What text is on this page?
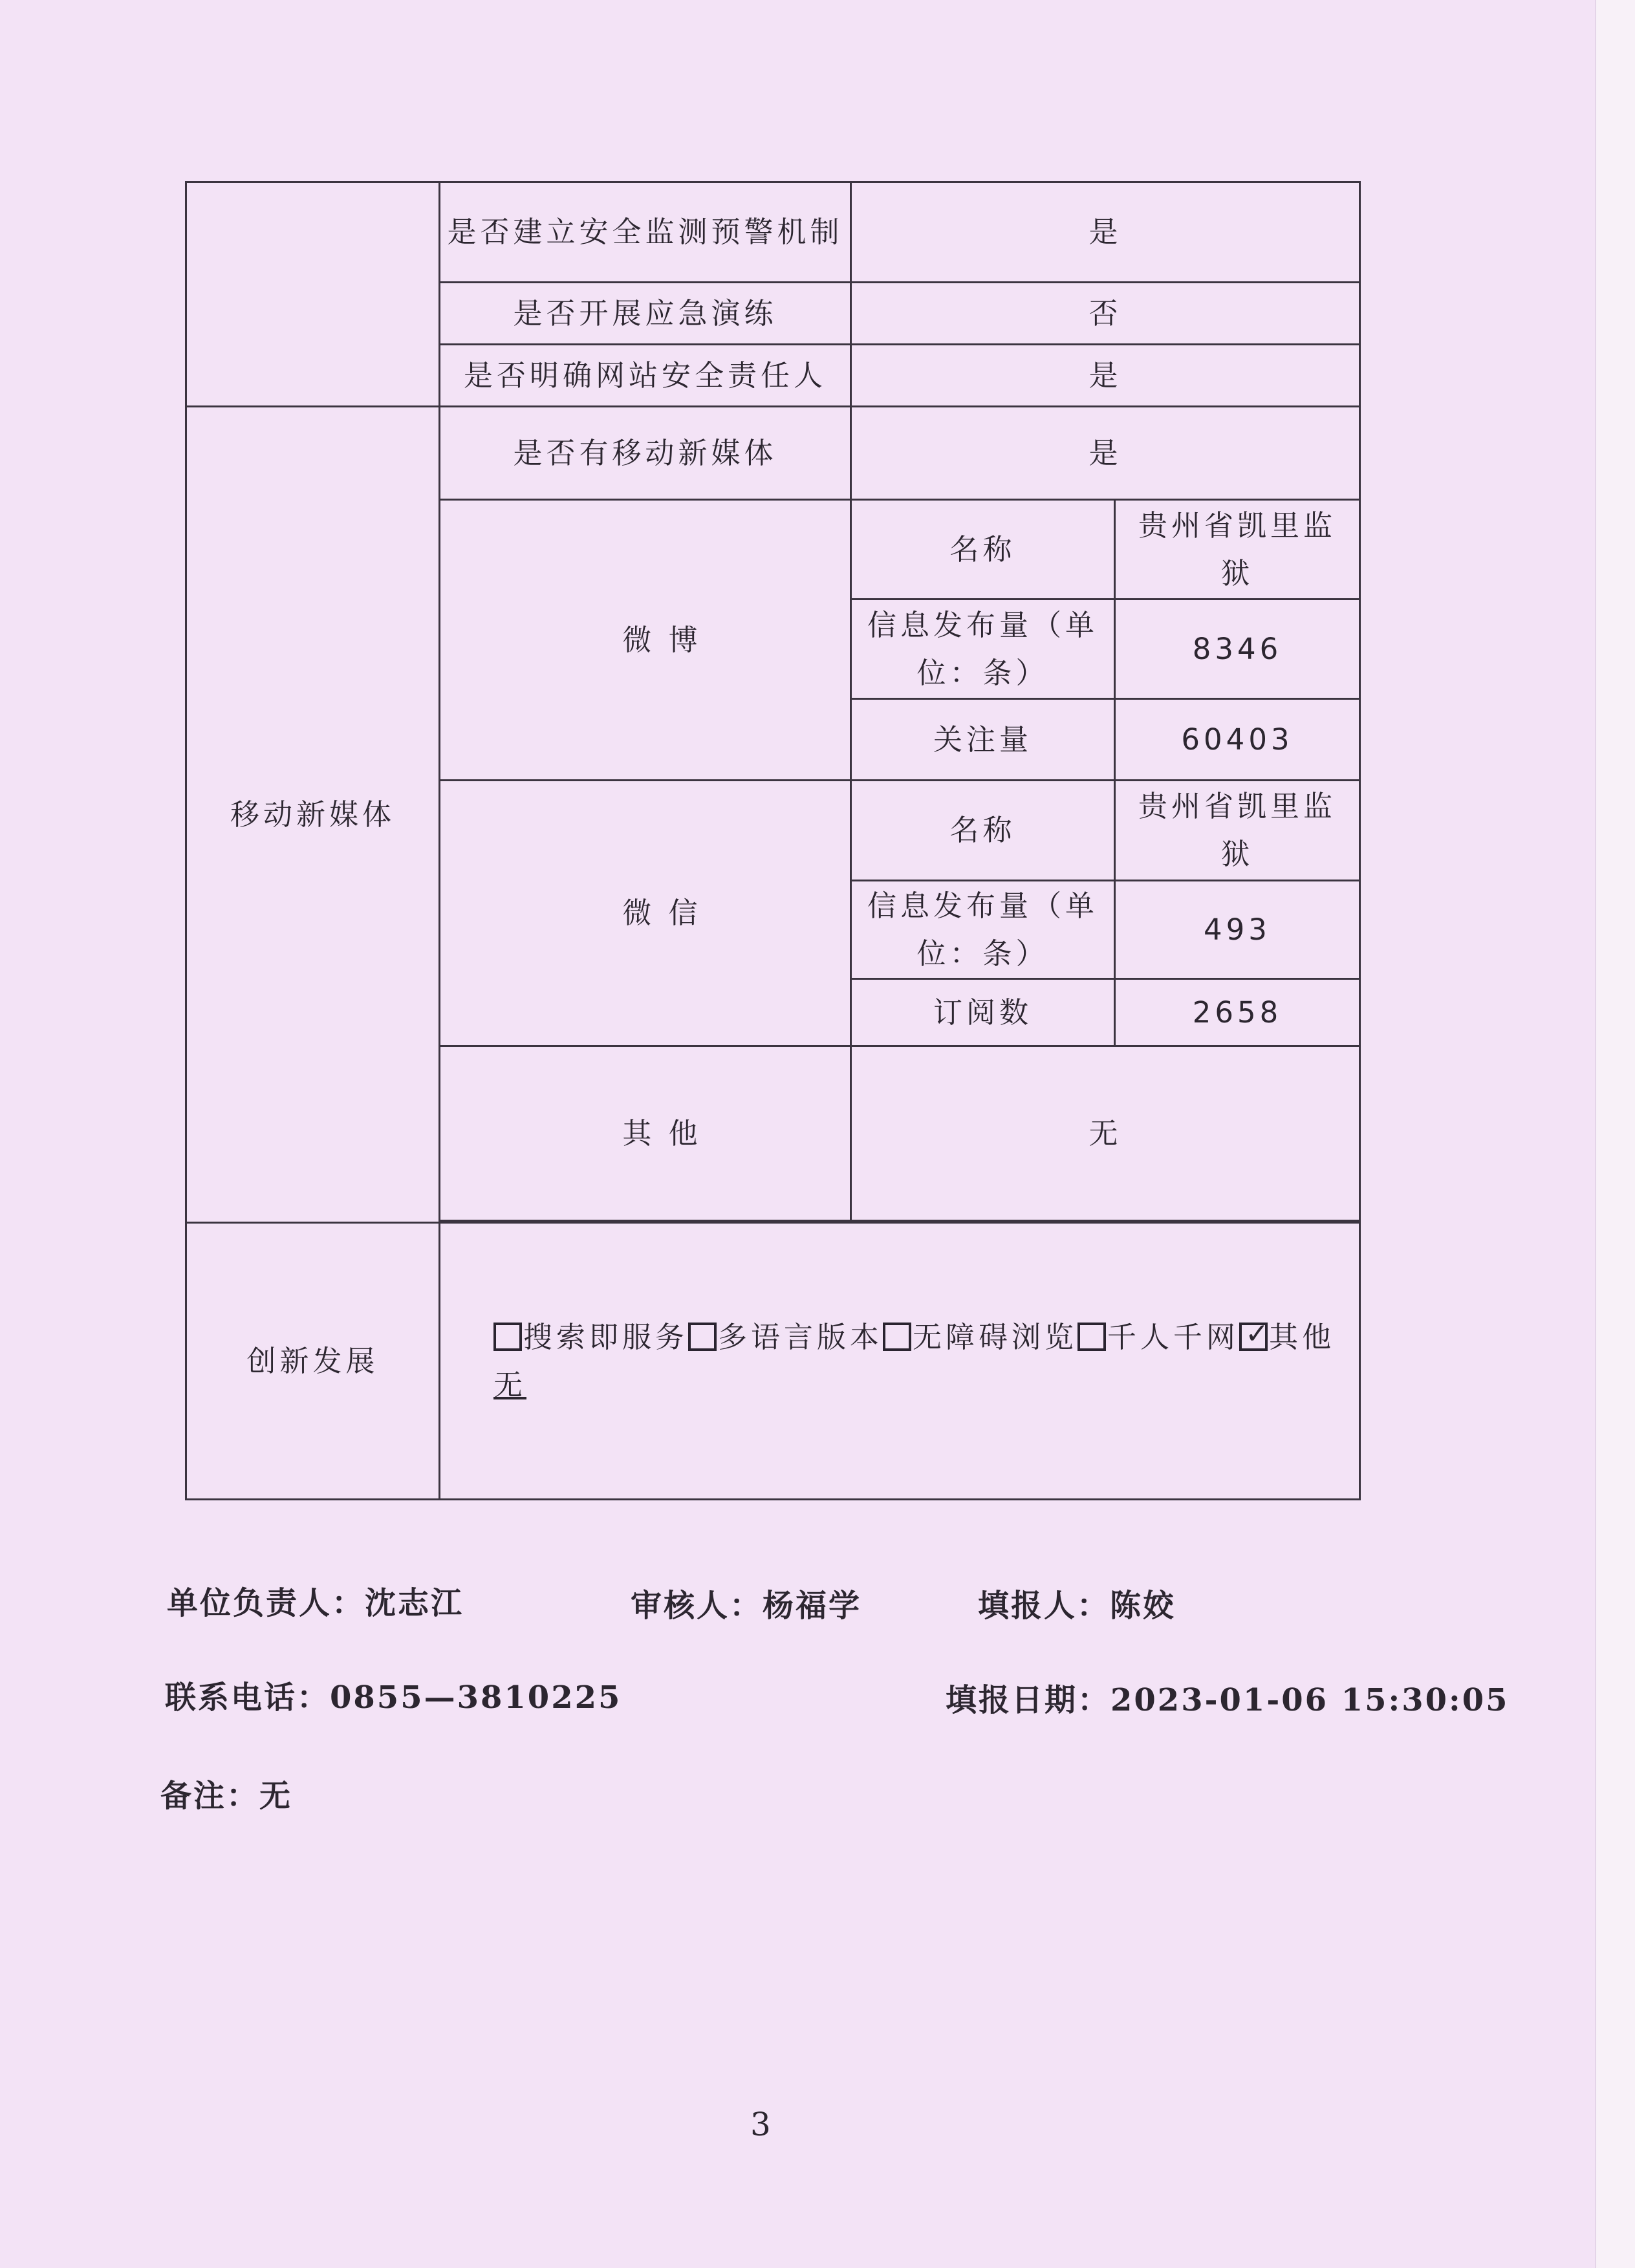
	是否建立安全监测预警机制	是	
	是否开展应急演练	否	
	是否明确网站安全责任人	是	
移动新媒体	是否有移动新媒体	是	
	微 博	名称	贵州省凯里监狱
		信息发布量（单位：条）	8346
		关注量	60403
	微 信	名称	贵州省凯里监狱
		信息发布量（单位：条）	493
		订阅数	2658
	其 他	无	

创新发展	搜索即服务 多语言版本 无障碍浏览 千人千网 ✓ 其他
无		
单位负责人：沈志江	审核人：杨福学	填报人：陈姣
联系电话：0855—3810225	填报日期：2023-01-06 15:30:05
备注：无
3
